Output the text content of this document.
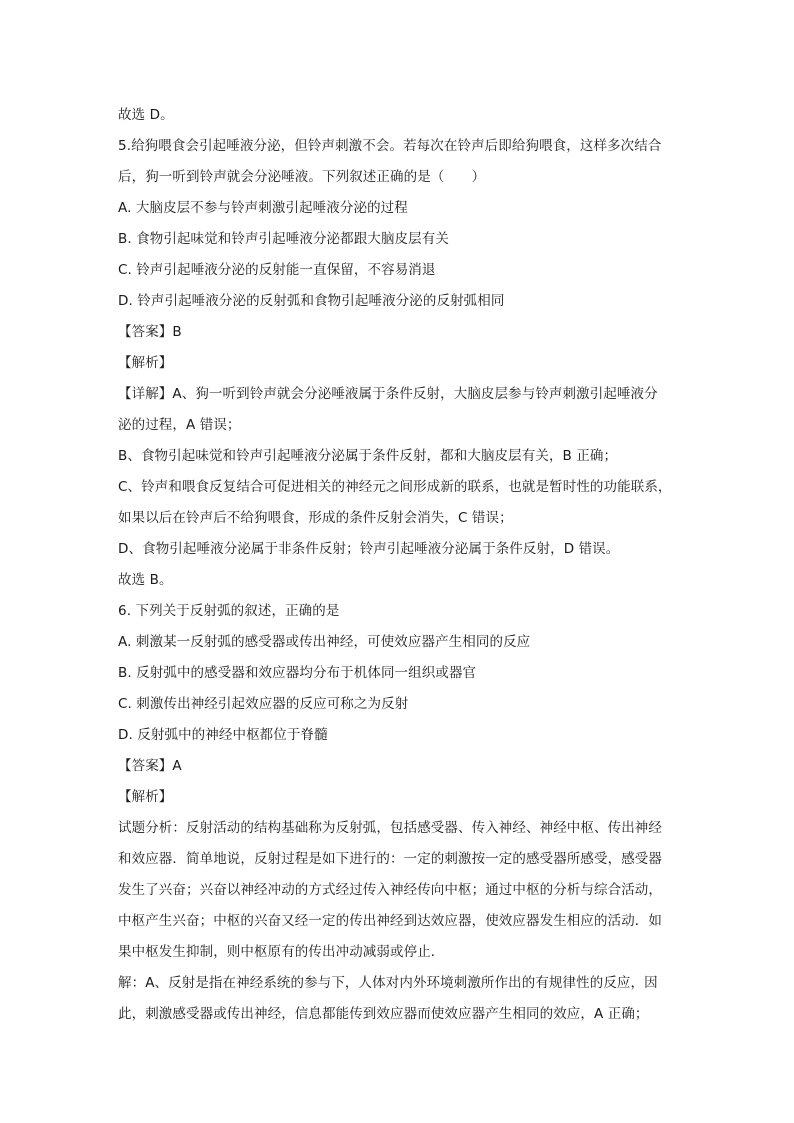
故选 D。

5.给狗喂食会引起唾液分泌，但铃声刺激不会。若每次在铃声后即给狗喂食，这样多次结合

后，狗一听到铃声就会分泌唾液。下列叙述正确的是（　　）

A. 大脑皮层不参与铃声刺激引起唾液分泌的过程

B. 食物引起味觉和铃声引起唾液分泌都跟大脑皮层有关

C. 铃声引起唾液分泌的反射能一直保留，不容易消退

D. 铃声引起唾液分泌的反射弧和食物引起唾液分泌的反射弧相同

【答案】B

【解析】

【详解】A、狗一听到铃声就会分泌唾液属于条件反射，大脑皮层参与铃声刺激引起唾液分

泌的过程，A 错误；

B、食物引起味觉和铃声引起唾液分泌属于条件反射，都和大脑皮层有关，B 正确；

C、铃声和喂食反复结合可促进相关的神经元之间形成新的联系，也就是暂时性的功能联系，

如果以后在铃声后不给狗喂食，形成的条件反射会消失，C 错误；

D、食物引起唾液分泌属于非条件反射；铃声引起唾液分泌属于条件反射，D 错误。

故选 B。

6. 下列关于反射弧的叙述，正确的是

A. 刺激某一反射弧的感受器或传出神经，可使效应器产生相同的反应

B. 反射弧中的感受器和效应器均分布于机体同一组织或器官

C. 刺激传出神经引起效应器的反应可称之为反射

D. 反射弧中的神经中枢都位于脊髓

【答案】A

【解析】

试题分析：反射活动的结构基础称为反射弧，包括感受器、传入神经、神经中枢、传出神经

和效应器．简单地说，反射过程是如下进行的：一定的刺激按一定的感受器所感受，感受器

发生了兴奋；兴奋以神经冲动的方式经过传入神经传向中枢；通过中枢的分析与综合活动，

中枢产生兴奋；中枢的兴奋又经一定的传出神经到达效应器，使效应器发生相应的活动．如

果中枢发生抑制，则中枢原有的传出冲动减弱或停止．

解：A、反射是指在神经系统的参与下，人体对内外环境刺激所作出的有规律性的反应，因

此，刺激感受器或传出神经，信息都能传到效应器而使效应器产生相同的效应，A 正确；
